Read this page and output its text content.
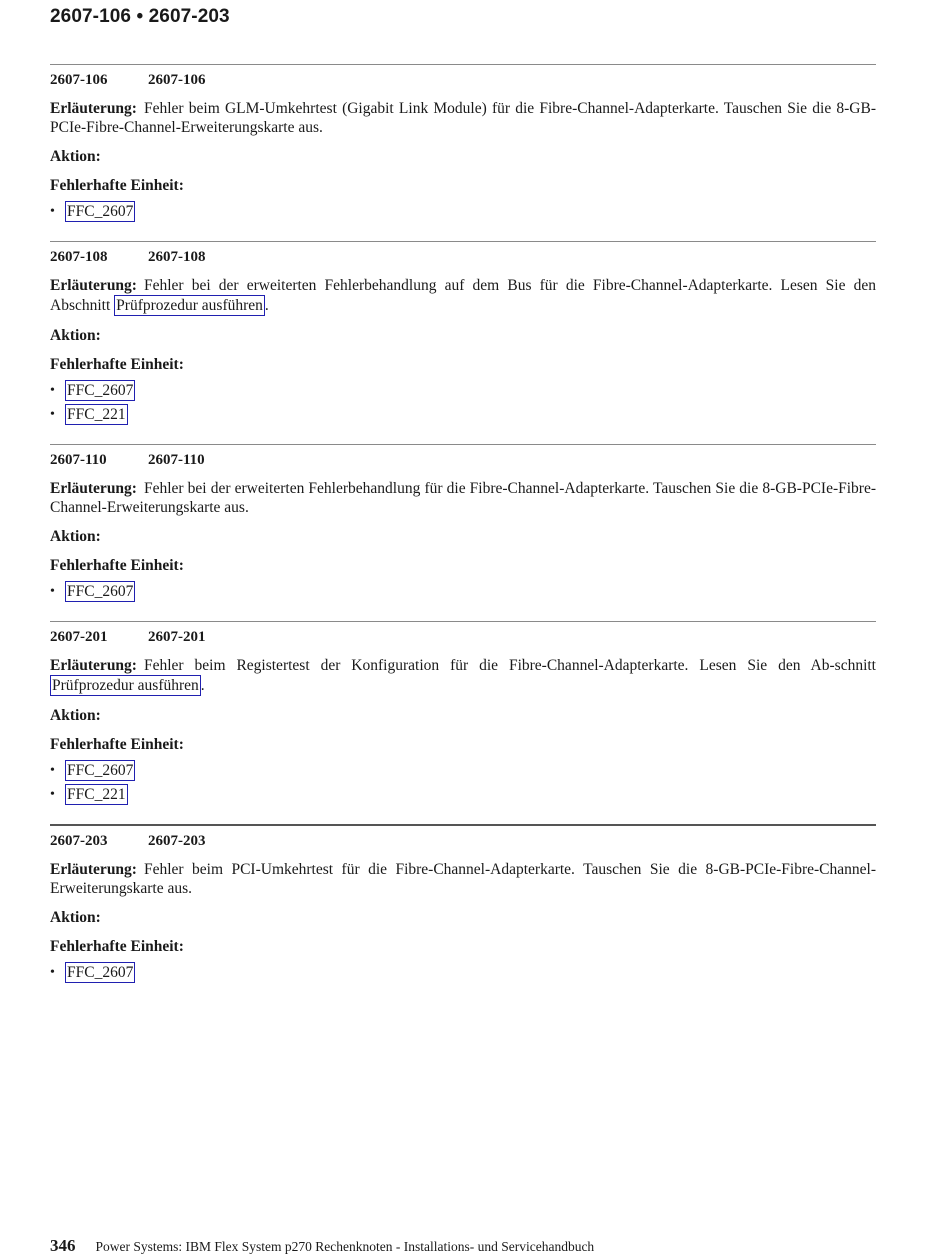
2607-106 • 2607-203
2607-106	2607-106
Erläuterung: Fehler beim GLM-Umkehrtest (Gigabit Link Module) für die Fibre-Channel-Adapterkarte. Tauschen Sie die 8-GB-PCIe-Fibre-Channel-Erweiterungskarte aus.
Aktion:
Fehlerhafte Einheit:
• FFC_2607
2607-108	2607-108
Erläuterung: Fehler bei der erweiterten Fehlerbehandlung auf dem Bus für die Fibre-Channel-Adapterkarte. Lesen Sie den Abschnitt Prüfprozedur ausführen .
Aktion:
Fehlerhafte Einheit:
• FFC_2607
• FFC_221
2607-110	2607-110
Erläuterung: Fehler bei der erweiterten Fehlerbehandlung für die Fibre-Channel-Adapterkarte. Tauschen Sie die 8-GB-PCIe-Fibre-Channel-Erweiterungskarte aus.
Aktion:
Fehlerhafte Einheit:
• FFC_2607
2607-201	2607-201
Erläuterung: Fehler beim Registertest der Konfiguration für die Fibre-Channel-Adapterkarte. Lesen Sie den Ab-schnitt Prüfprozedur ausführen .
Aktion:
Fehlerhafte Einheit:
• FFC_2607
• FFC_221
2607-203	2607-203
Erläuterung: Fehler beim PCI-Umkehrtest für die Fibre-Channel-Adapterkarte. Tauschen Sie die 8-GB-PCIe-Fibre-Channel-Erweiterungskarte aus.
Aktion:
Fehlerhafte Einheit:
• FFC_2607
346 Power Systems: IBM Flex System p270 Rechenknoten - Installations- und Servicehandbuch
